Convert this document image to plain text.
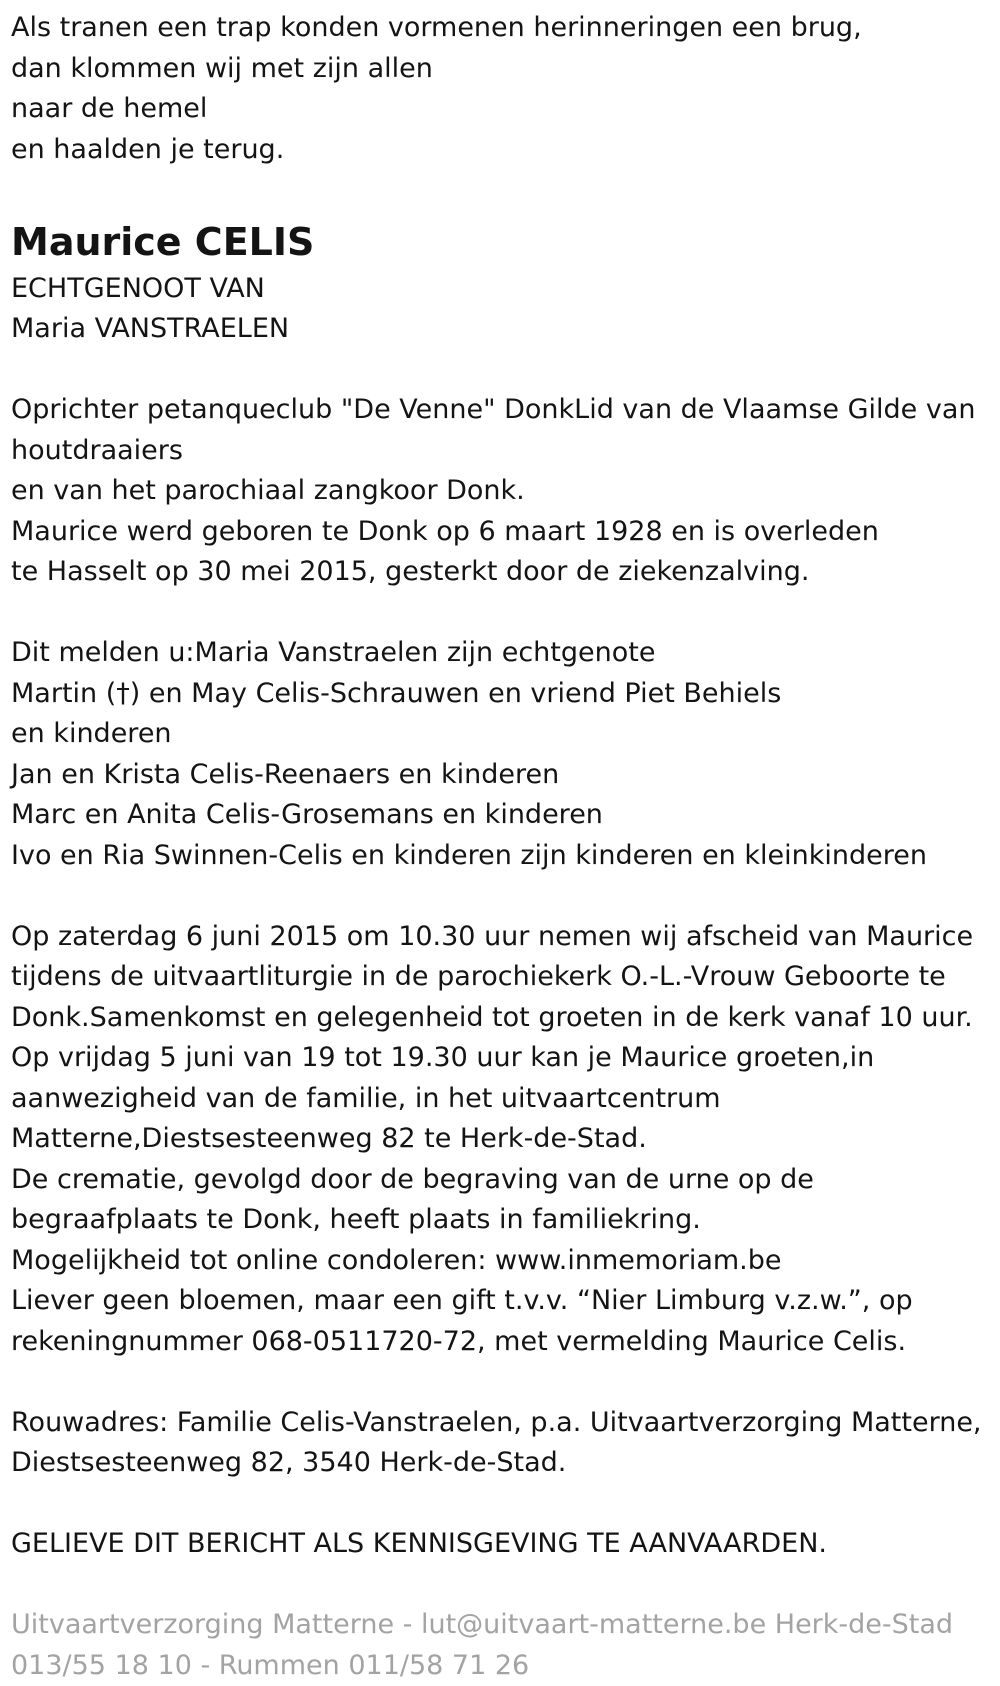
Als tranen een trap konden vormenen herinneringen een brug,
dan klommen wij met zijn allen
naar de hemel
en haalden je terug.
Maurice CELIS
ECHTGENOOT VAN
Maria VANSTRAELEN
Oprichter petanqueclub "De Venne" DonkLid van de Vlaamse Gilde van
houtdraaiers
en van het parochiaal zangkoor Donk.
Maurice werd geboren te Donk op 6 maart 1928 en is overleden
te Hasselt op 30 mei 2015, gesterkt door de ziekenzalving.
Dit melden u:Maria Vanstraelen zijn echtgenote
Martin (†) en May Celis-Schrauwen en vriend Piet Behiels
en kinderen
Jan en Krista Celis-Reenaers en kinderen
Marc en Anita Celis-Grosemans en kinderen
Ivo en Ria Swinnen-Celis en kinderen zijn kinderen en kleinkinderen
Op zaterdag 6 juni 2015 om 10.30 uur nemen wij afscheid van Maurice
tijdens de uitvaartliturgie in de parochiekerk O.-L.-Vrouw Geboorte te
Donk.Samenkomst en gelegenheid tot groeten in de kerk vanaf 10 uur.
Op vrijdag 5 juni van 19 tot 19.30 uur kan je Maurice groeten,in
aanwezigheid van de familie, in het uitvaartcentrum
Matterne,Diestsesteenweg 82 te Herk-de-Stad.
De crematie, gevolgd door de begraving van de urne op de
begraafplaats te Donk, heeft plaats in familiekring.
Mogelijkheid tot online condoleren: www.inmemoriam.be
Liever geen bloemen, maar een gift t.v.v. “Nier Limburg v.z.w.”, op
rekeningnummer 068-0511720-72, met vermelding Maurice Celis.
Rouwadres: Familie Celis-Vanstraelen, p.a. Uitvaartverzorging Matterne,
Diestsesteenweg 82, 3540 Herk-de-Stad.
GELIEVE DIT BERICHT ALS KENNISGEVING TE AANVAARDEN.
Uitvaartverzorging Matterne - lut@uitvaart-matterne.be Herk-de-Stad
013/55 18 10 - Rummen 011/58 71 26
